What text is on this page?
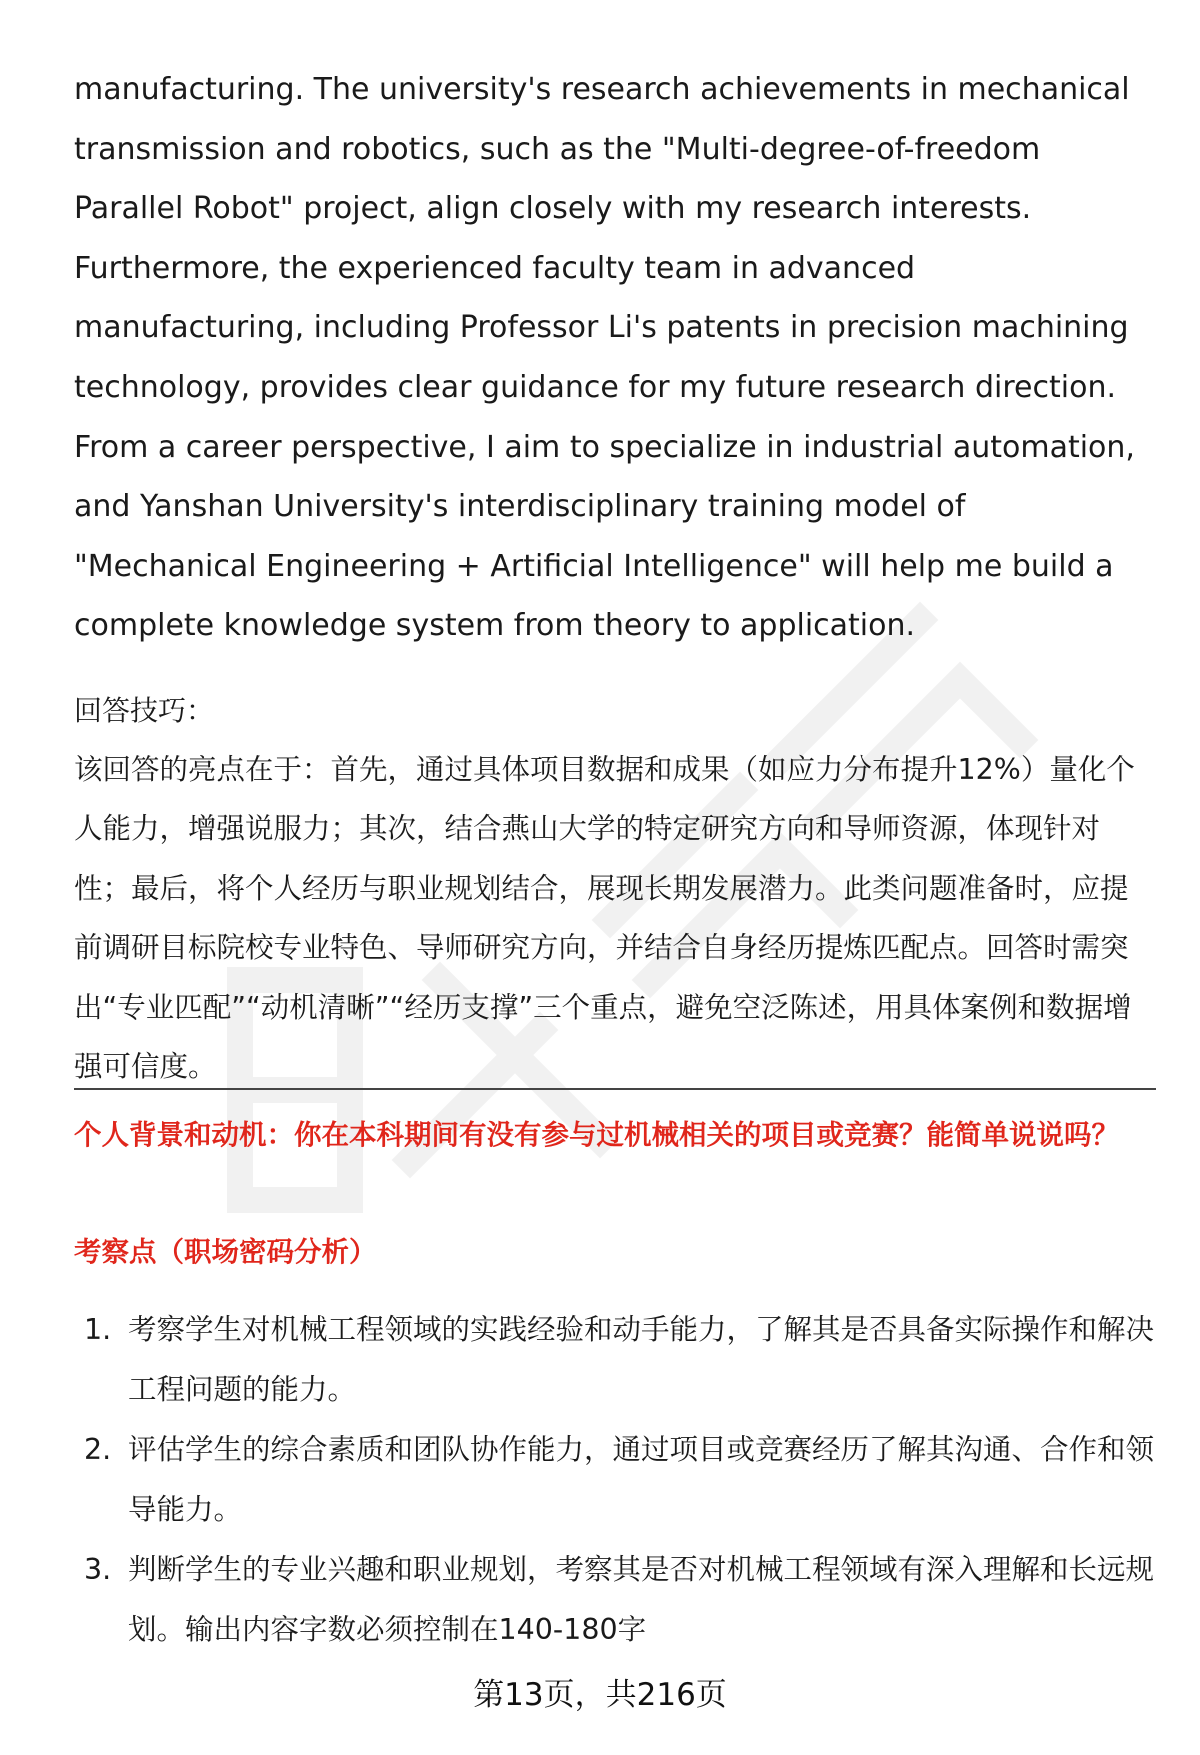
manufacturing. The university's research achievements in mechanical transmission and robotics, such as the "Multi-degree-of-freedom Parallel Robot" project, align closely with my research interests. Furthermore, the experienced faculty team in advanced manufacturing, including Professor Li's patents in precision machining technology, provides clear guidance for my future research direction. From a career perspective, I aim to specialize in industrial automation, and Yanshan University's interdisciplinary training model of "Mechanical Engineering + Artificial Intelligence" will help me build a complete knowledge system from theory to application.

回答技巧：

该回答的亮点在于：首先，通过具体项目数据和成果（如应力分布提升12%）量化个人能力，增强说服力；其次，结合燕山大学的特定研究方向和导师资源，体现针对性；最后，将个人经历与职业规划结合，展现长期发展潜力。此类问题准备时，应提前调研目标院校专业特色、导师研究方向，并结合自身经历提炼匹配点。回答时需突出“专业匹配”“动机清晰”“经历支撑”三个重点，避免空泛陈述，用具体案例和数据增强可信度。

个人背景和动机：你在本科期间有没有参与过机械相关的项目或竞赛？能简单说说吗？

考察点（职场密码分析）

1. 考察学生对机械工程领域的实践经验和动手能力，了解其是否具备实际操作和解决工程问题的能力。
2. 评估学生的综合素质和团队协作能力，通过项目或竞赛经历了解其沟通、合作和领导能力。
3. 判断学生的专业兴趣和职业规划，考察其是否对机械工程领域有深入理解和长远规划。输出内容字数必须控制在140-180字
第13页，共216页
